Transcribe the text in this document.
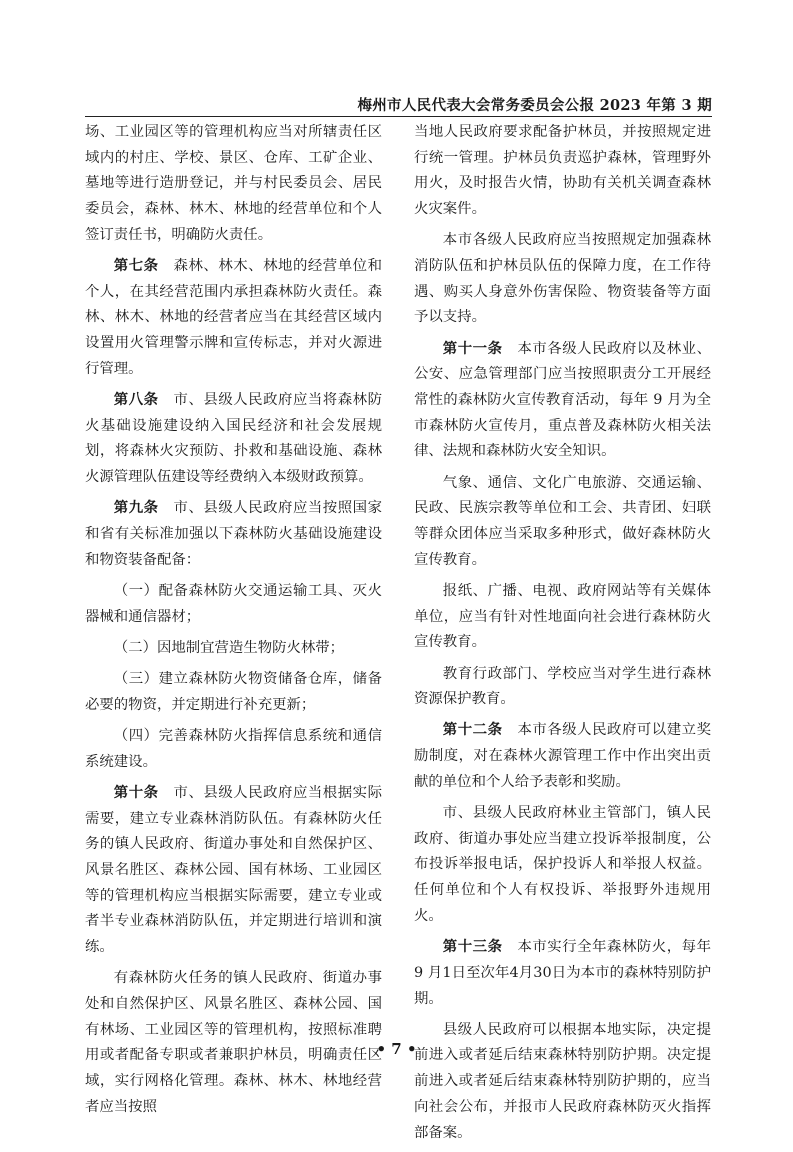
梅州市人民代表大会常务委员会公报 2023 年第 3 期

场、工业园区等的管理机构应当对所辖责任区域内的村庄、学校、景区、仓库、工矿企业、墓地等进行造册登记，并与村民委员会、居民委员会，森林、林木、林地的经营单位和个人签订责任书，明确防火责任。

第七条　 森林、林木、林地的经营单位和个人，在其经营范围内承担森林防火责任。森林、林木、林地的经营者应当在其经营区域内设置用火管理警示牌和宣传标志，并对火源进行管理。

第八条　 市、县级人民政府应当将森林防火基础设施建设纳入国民经济和社会发展规划，将森林火灾预防、扑救和基础设施、森林火源管理队伍建设等经费纳入本级财政预算。

第九条　 市、县级人民政府应当按照国家和省有关标准加强以下森林防火基础设施建设和物资装备配备：

（一）配备森林防火交通运输工具、灭火器械和通信器材；

（二）因地制宜营造生物防火林带；

（三）建立森林防火物资储备仓库，储备必要的物资，并定期进行补充更新；

（四）完善森林防火指挥信息系统和通信系统建设。

第十条　 市、县级人民政府应当根据实际需要，建立专业森林消防队伍。有森林防火任务的镇人民政府、街道办事处和自然保护区、风景名胜区、森林公园、国有林场、工业园区等的管理机构应当根据实际需要，建立专业或者半专业森林消防队伍，并定期进行培训和演练。

有森林防火任务的镇人民政府、街道办事处和自然保护区、风景名胜区、森林公园、国有林场、工业园区等的管理机构，按照标准聘用或者配备专职或者兼职护林员，明确责任区域，实行网格化管理。森林、林木、林地经营者应当按照

当地人民政府要求配备护林员，并按照规定进行统一管理。护林员负责巡护森林，管理野外用火，及时报告火情，协助有关机关调查森林火灾案件。

本市各级人民政府应当按照规定加强森林消防队伍和护林员队伍的保障力度，在工作待遇、购买人身意外伤害保险、物资装备等方面予以支持。

第十一条　 本市各级人民政府以及林业、公安、应急管理部门应当按照职责分工开展经常性的森林防火宣传教育活动，每年 9 月为全市森林防火宣传月，重点普及森林防火相关法律、法规和森林防火安全知识。

气象、通信、文化广电旅游、交通运输、民政、民族宗教等单位和工会、共青团、妇联等群众团体应当采取多种形式，做好森林防火宣传教育。

报纸、广播、电视、政府网站等有关媒体单位，应当有针对性地面向社会进行森林防火宣传教育。

教育行政部门、学校应当对学生进行森林资源保护教育。

第十二条　 本市各级人民政府可以建立奖励制度，对在森林火源管理工作中作出突出贡献的单位和个人给予表彰和奖励。

市、县级人民政府林业主管部门，镇人民政府、街道办事处应当建立投诉举报制度，公布投诉举报电话，保护投诉人和举报人权益。任何单位和个人有权投诉、举报野外违规用火。

第十三条　 本市实行全年森林防火，每年 9 月1日至次年4月30日为本市的森林特别防护期。

县级人民政府可以根据本地实际，决定提前进入或者延后结束森林特别防护期。决定提前进入或者延后结束森林特别防护期的，应当向社会公布，并报市人民政府森林防灭火指挥部备案。

• 7 •
